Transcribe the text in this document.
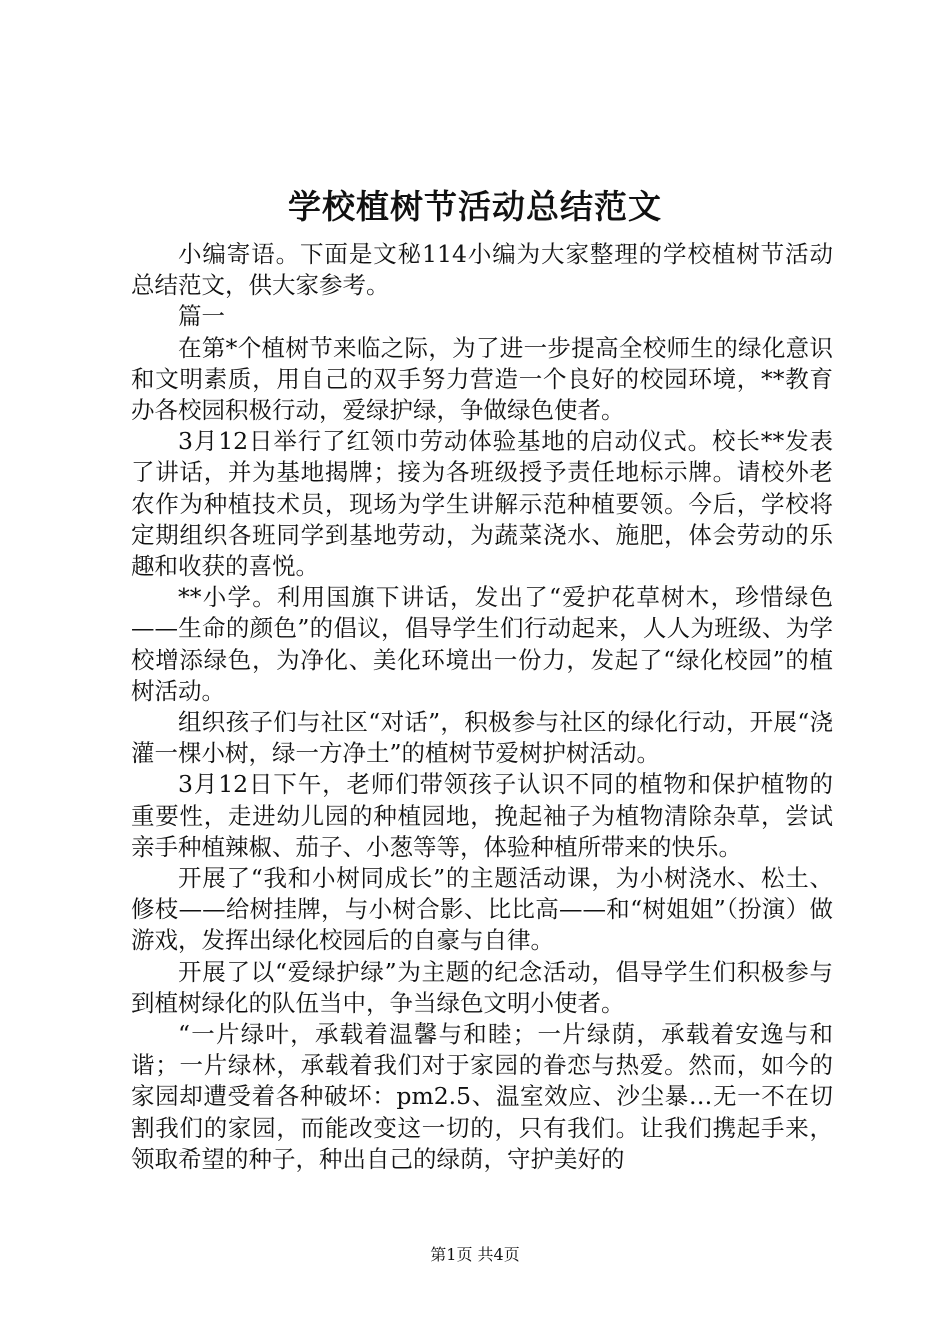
学校植树节活动总结范文

小编寄语。下面是文秘114小编为大家整理的学校植树节活动总结范文，供大家参考。

篇一

在第*个植树节来临之际，为了进一步提高全校师生的绿化意识和文明素质，用自己的双手努力营造一个良好的校园环境，**教育办各校园积极行动，爱绿护绿，争做绿色使者。

3月12日举行了红领巾劳动体验基地的启动仪式。校长**发表了讲话，并为基地揭牌；接为各班级授予责任地标示牌。请校外老农作为种植技术员，现场为学生讲解示范种植要领。今后，学校将定期组织各班同学到基地劳动，为蔬菜浇水、施肥，体会劳动的乐趣和收获的喜悦。

**小学。利用国旗下讲话，发出了“爱护花草树木，珍惜绿色——生命的颜色”的倡议，倡导学生们行动起来，人人为班级、为学校增添绿色，为净化、美化环境出一份力，发起了“绿化校园”的植树活动。

组织孩子们与社区“对话”，积极参与社区的绿化行动，开展“浇灌一棵小树，绿一方净土”的植树节爱树护树活动。

3月12日下午，老师们带领孩子认识不同的植物和保护植物的重要性，走进幼儿园的种植园地，挽起袖子为植物清除杂草，尝试亲手种植辣椒、茄子、小葱等等，体验种植所带来的快乐。

开展了“我和小树同成长”的主题活动课，为小树浇水、松土、修枝——给树挂牌，与小树合影、比比高——和“树姐姐”（扮演）做游戏，发挥出绿化校园后的自豪与自律。

开展了以“爱绿护绿”为主题的纪念活动，倡导学生们积极参与到植树绿化的队伍当中，争当绿色文明小使者。

“一片绿叶，承载着温馨与和睦；一片绿荫，承载着安逸与和谐；一片绿林，承载着我们对于家园的眷恋与热爱。然而，如今的家园却遭受着各种破坏：pm2.5、温室效应、沙尘暴…无一不在切割我们的家园，而能改变这一切的，只有我们。让我们携起手来，领取希望的种子，种出自己的绿荫，守护美好的

第1页 共4页
